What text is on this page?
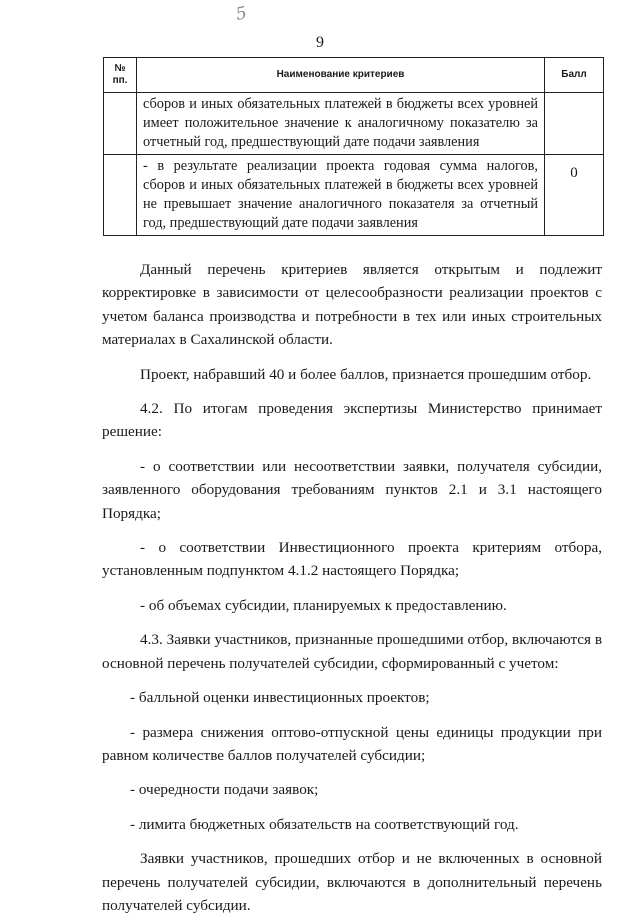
5
9
№
пп.	Наименование критериев	Балл

	сборов и иных обязательных платежей в бюджеты всех уровней имеет положительное значение к аналогичному показателю за отчетный год, предшествующий дате подачи заявления	

	- в результате реализации проекта годовая сумма налогов, сборов и иных обязательных платежей в бюджеты всех уровней не превышает значение аналогичного показателя за отчетный год, предшествующий дате подачи заявления	0

Данный перечень критериев является открытым и подлежит корректировке в зависимости от целесообразности реализации проектов с учетом баланса производства и потребности в тех или иных строительных материалах в Сахалинской области.

Проект, набравший 40 и более баллов, признается прошедшим отбор.

4.2. По итогам проведения экспертизы Министерство принимает решение:

- о соответствии или несоответствии заявки, получателя субсидии, заявленного оборудования требованиям пунктов 2.1 и 3.1 настоящего Порядка;

- о соответствии Инвестиционного проекта критериям отбора, установленным подпунктом 4.1.2 настоящего Порядка;

- об объемах субсидии, планируемых к предоставлению.

4.3. Заявки участников, признанные прошедшими отбор, включаются в основной перечень получателей субсидии, сформированный с учетом:

- балльной оценки инвестиционных проектов;

- размера снижения оптово-отпускной цены единицы продукции при равном количестве баллов получателей субсидии;

- очередности подачи заявок;

- лимита бюджетных обязательств на соответствующий год.

Заявки участников, прошедших отбор и не включенных в основной перечень получателей субсидии, включаются в дополнительный перечень получателей субсидии.
